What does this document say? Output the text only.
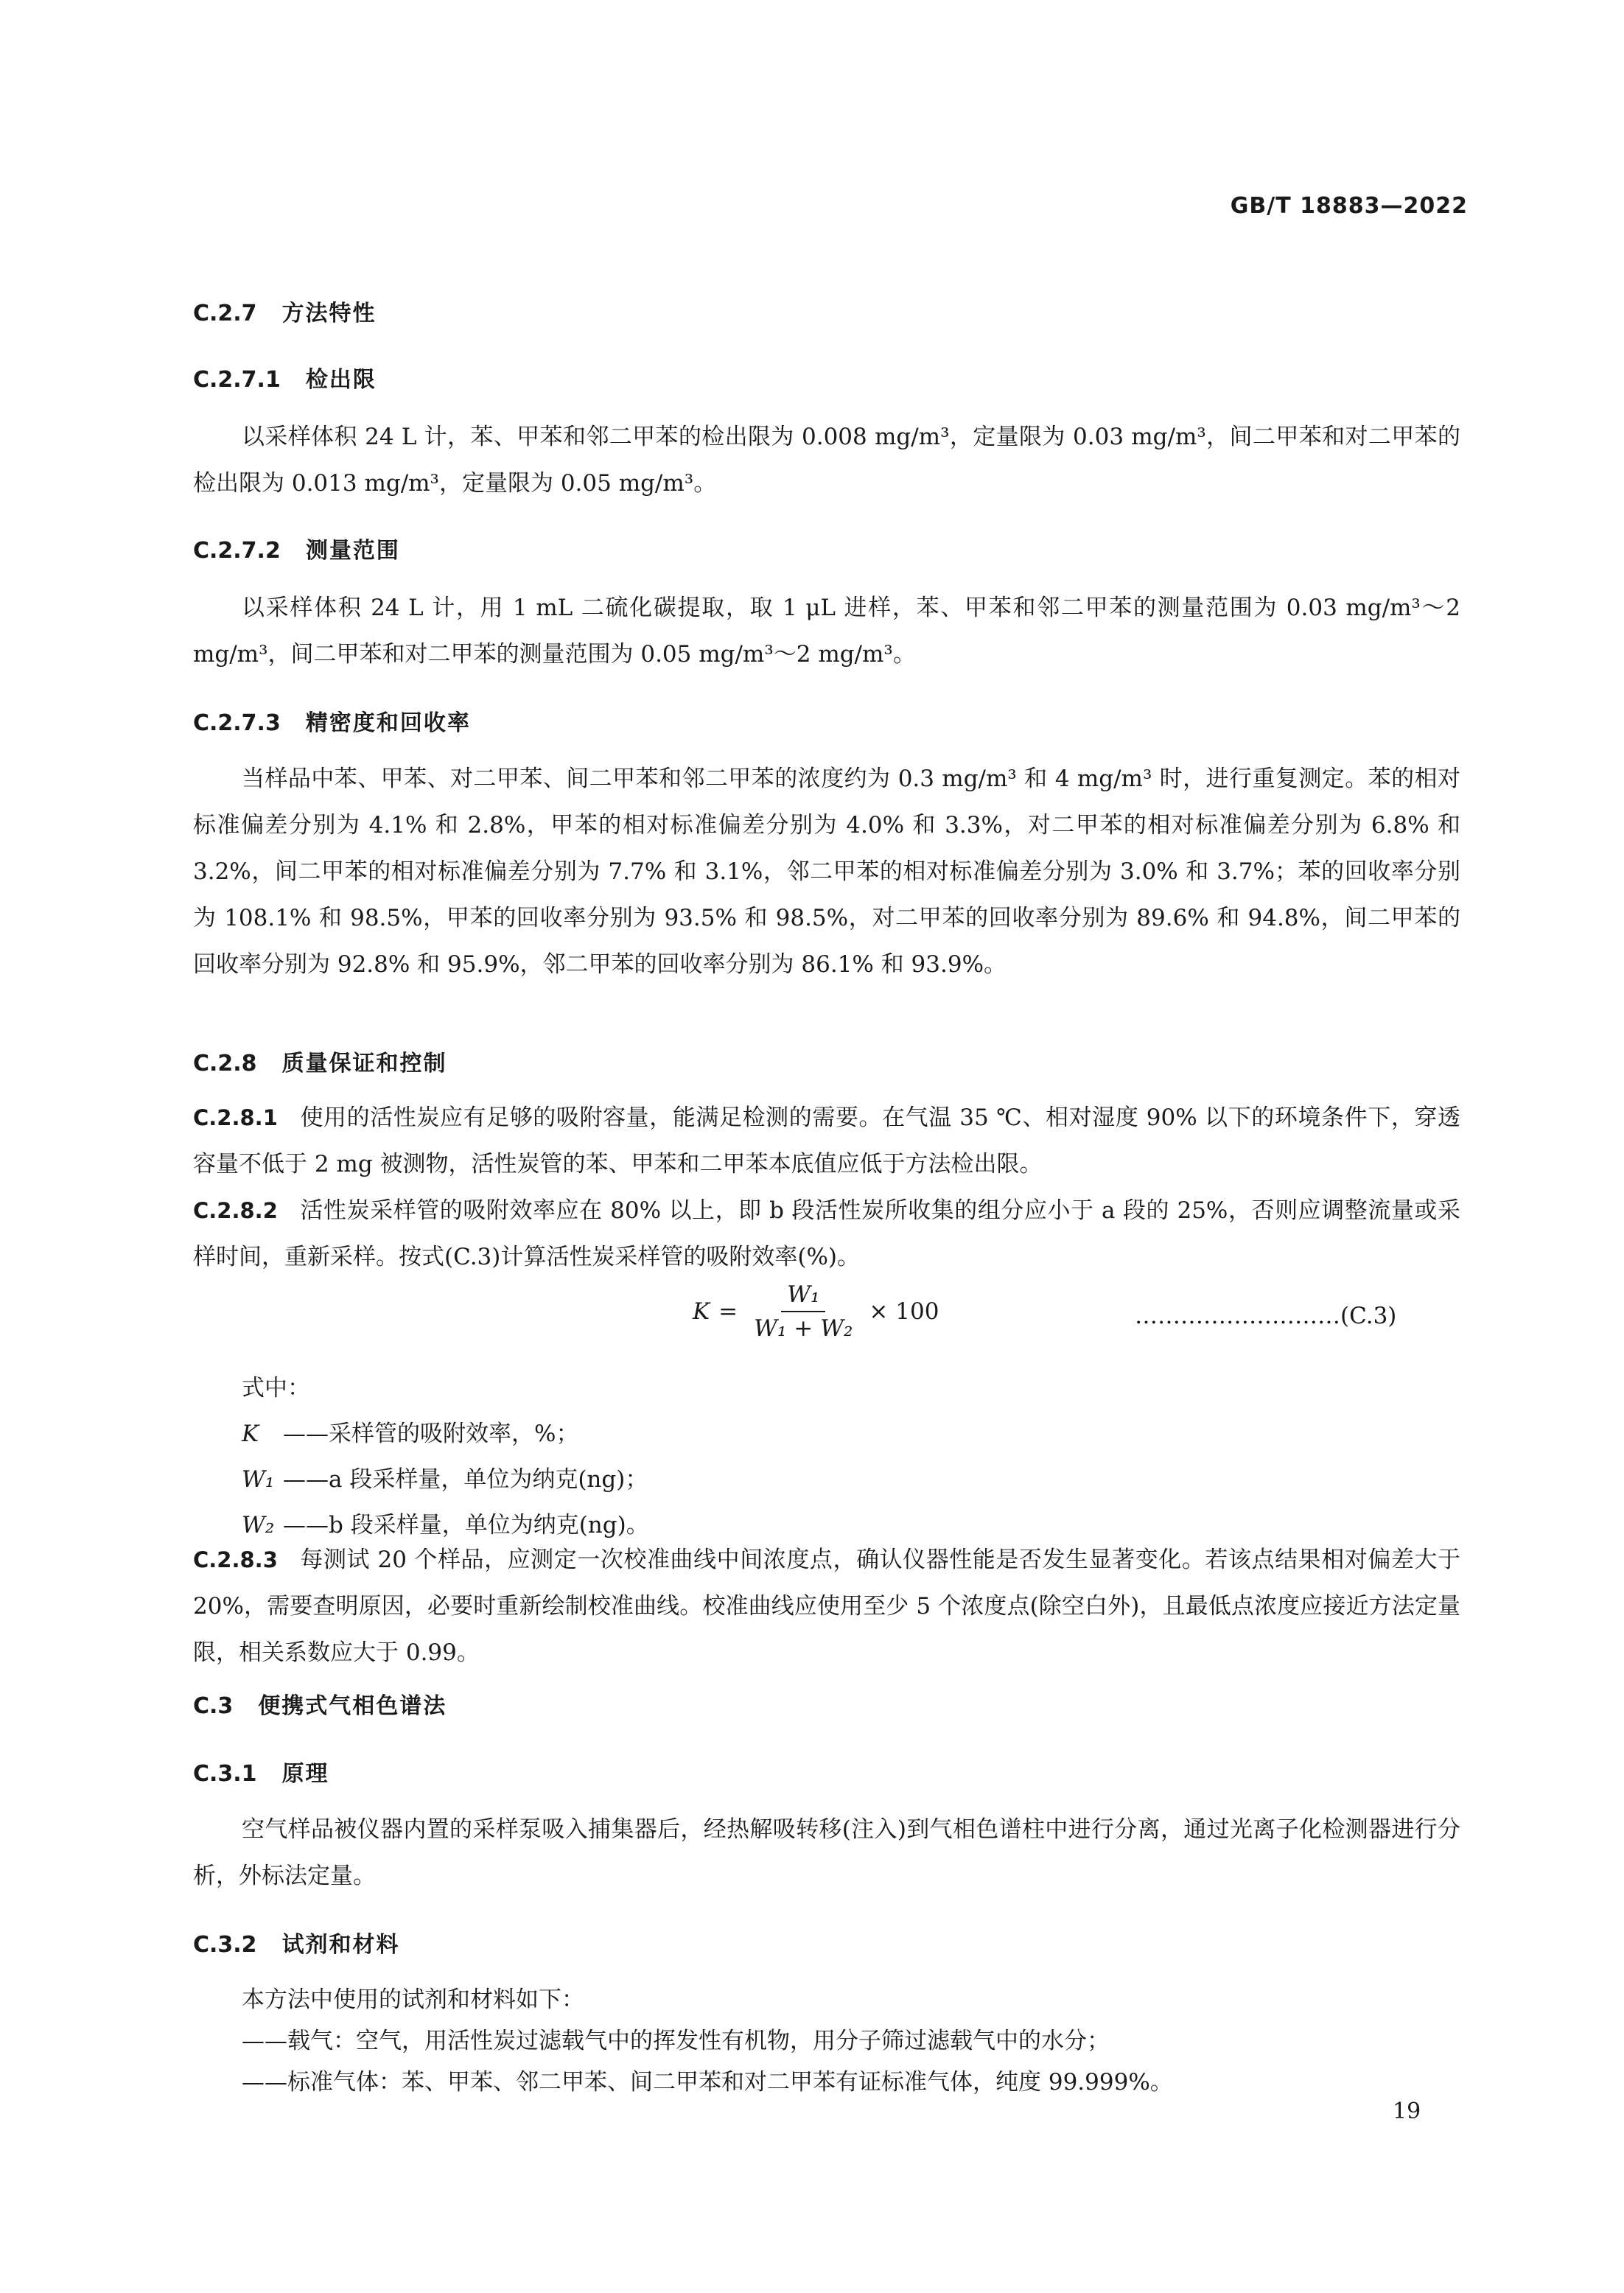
GB/T 18883—2022
C.2.7 方法特性
C.2.7.1 检出限

以采样体积 24 L 计，苯、甲苯和邻二甲苯的检出限为 0.008 mg/m³，定量限为 0.03 mg/m³，间二甲苯和对二甲苯的检出限为 0.013 mg/m³，定量限为 0.05 mg/m³。

C.2.7.2 测量范围

以采样体积 24 L 计，用 1 mL 二硫化碳提取，取 1 μL 进样，苯、甲苯和邻二甲苯的测量范围为 0.03 mg/m³～2 mg/m³，间二甲苯和对二甲苯的测量范围为 0.05 mg/m³～2 mg/m³。

C.2.7.3 精密度和回收率

当样品中苯、甲苯、对二甲苯、间二甲苯和邻二甲苯的浓度约为 0.3 mg/m³ 和 4 mg/m³ 时，进行重复测定。苯的相对标准偏差分别为 4.1% 和 2.8%，甲苯的相对标准偏差分别为 4.0% 和 3.3%，对二甲苯的相对标准偏差分别为 6.8% 和 3.2%，间二甲苯的相对标准偏差分别为 7.7% 和 3.1%，邻二甲苯的相对标准偏差分别为 3.0% 和 3.7%；苯的回收率分别为 108.1% 和 98.5%，甲苯的回收率分别为 93.5% 和 98.5%，对二甲苯的回收率分别为 89.6% 和 94.8%，间二甲苯的回收率分别为 92.8% 和 95.9%，邻二甲苯的回收率分别为 86.1% 和 93.9%。

C.2.8 质量保证和控制

C.2.8.1 使用的活性炭应有足够的吸附容量，能满足检测的需要。在气温 35 ℃、相对湿度 90% 以下的环境条件下，穿透容量不低于 2 mg 被测物，活性炭管的苯、甲苯和二甲苯本底值应低于方法检出限。

C.2.8.2 活性炭采样管的吸附效率应在 80% 以上，即 b 段活性炭所收集的组分应小于 a 段的 25%，否则应调整流量或采样时间，重新采样。按式(C.3)计算活性炭采样管的吸附效率(%)。

$K = \frac{\text{W₁}}{\text{W₁ + W₂}} \times 100$	………………………(C.3)
式中：
K ——采样管的吸附效率，%；
W₁ ——a 段采样量，单位为纳克(ng)；
W₂ ——b 段采样量，单位为纳克(ng)。

C.2.8.3 每测试 20 个样品，应测定一次校准曲线中间浓度点，确认仪器性能是否发生显著变化。若该点结果相对偏差大于 20%，需要查明原因，必要时重新绘制校准曲线。校准曲线应使用至少 5 个浓度点(除空白外)，且最低点浓度应接近方法定量限，相关系数应大于 0.99。

C.3 便携式气相色谱法
C.3.1 原理

空气样品被仪器内置的采样泵吸入捕集器后，经热解吸转移(注入)到气相色谱柱中进行分离，通过光离子化检测器进行分析，外标法定量。

C.3.2 试剂和材料
本方法中使用的试剂和材料如下：
——载气：空气，用活性炭过滤载气中的挥发性有机物，用分子筛过滤载气中的水分；
——标准气体：苯、甲苯、邻二甲苯、间二甲苯和对二甲苯有证标准气体，纯度 99.999%。
19
